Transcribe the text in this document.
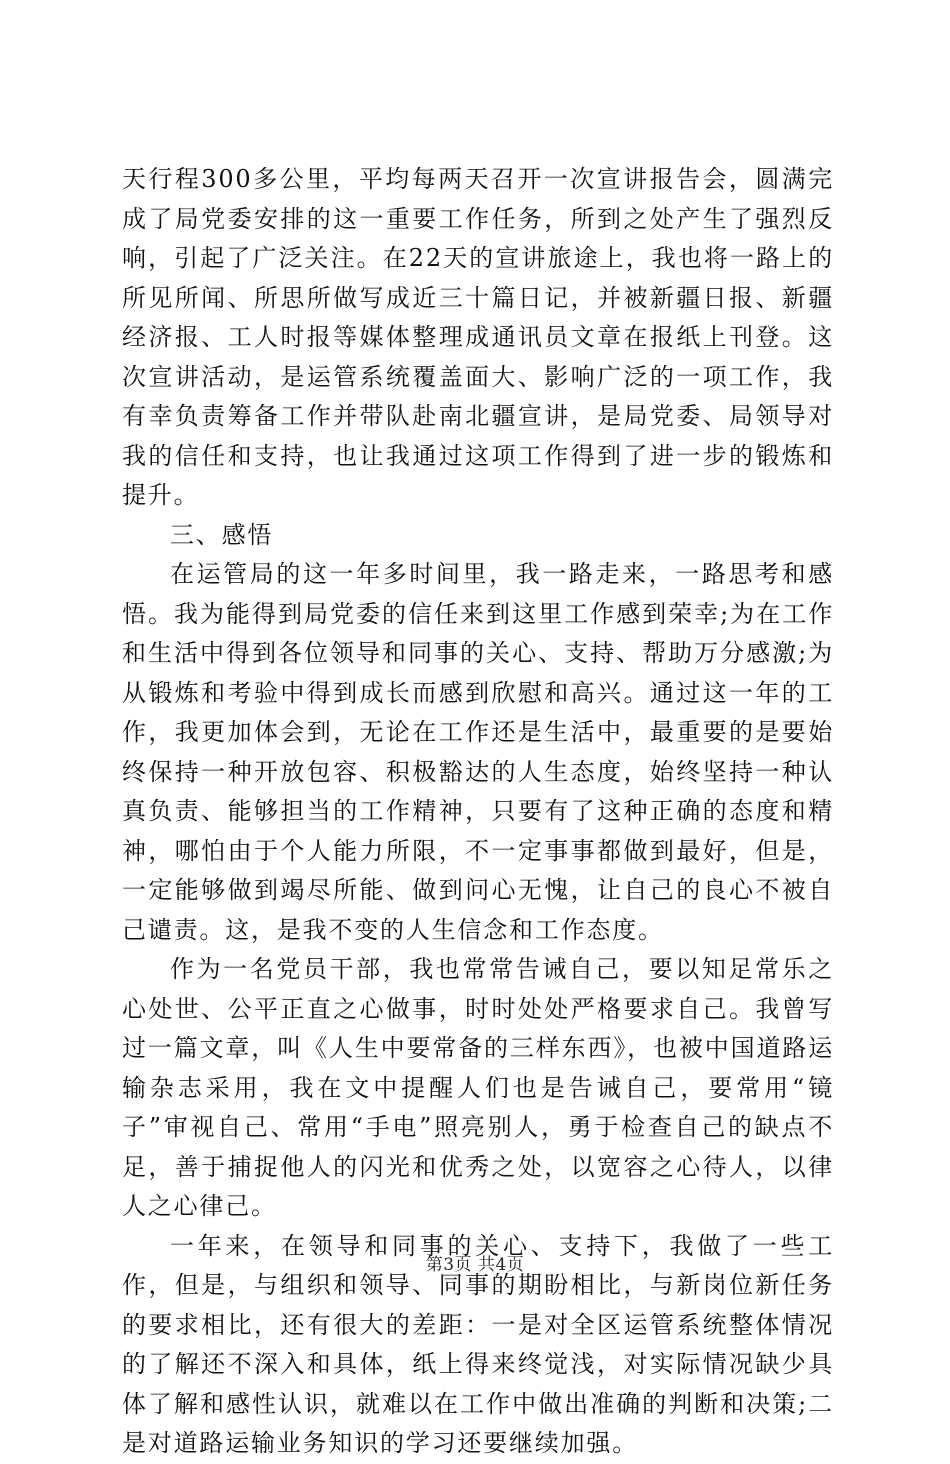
天行程300多公里，平均每两天召开一次宣讲报告会，圆满完成了局党委安排的这一重要工作任务，所到之处产生了强烈反响，引起了广泛关注。在22天的宣讲旅途上，我也将一路上的所见所闻、所思所做写成近三十篇日记，并被新疆日报、新疆经济报、工人时报等媒体整理成通讯员文章在报纸上刊登。这次宣讲活动，是运管系统覆盖面大、影响广泛的一项工作，我有幸负责筹备工作并带队赴南北疆宣讲，是局党委、局领导对我的信任和支持，也让我通过这项工作得到了进一步的锻炼和提升。

三、感悟

在运管局的这一年多时间里，我一路走来，一路思考和感悟。我为能得到局党委的信任来到这里工作感到荣幸;为在工作和生活中得到各位领导和同事的关心、支持、帮助万分感激;为从锻炼和考验中得到成长而感到欣慰和高兴。通过这一年的工作，我更加体会到，无论在工作还是生活中，最重要的是要始终保持一种开放包容、积极豁达的人生态度，始终坚持一种认真负责、能够担当的工作精神，只要有了这种正确的态度和精神，哪怕由于个人能力所限，不一定事事都做到最好，但是，一定能够做到竭尽所能、做到问心无愧，让自己的良心不被自己谴责。这，是我不变的人生信念和工作态度。

作为一名党员干部，我也常常告诫自己，要以知足常乐之心处世、公平正直之心做事，时时处处严格要求自己。我曾写过一篇文章，叫《人生中要常备的三样东西》，也被中国道路运输杂志采用，我在文中提醒人们也是告诫自己，要常用“镜子”审视自己、常用“手电”照亮别人，勇于检查自己的缺点不足，善于捕捉他人的闪光和优秀之处，以宽容之心待人，以律人之心律己。

一年来，在领导和同事的关心、支持下，我做了一些工作，但是，与组织和领导、同事的期盼相比，与新岗位新任务的要求相比，还有很大的差距：一是对全区运管系统整体情况的了解还不深入和具体，纸上得来终觉浅，对实际情况缺少具体了解和感性认识，就难以在工作中做出准确的判断和决策;二是对道路运输业务知识的学习还要继续加强。

第3页 共4页
